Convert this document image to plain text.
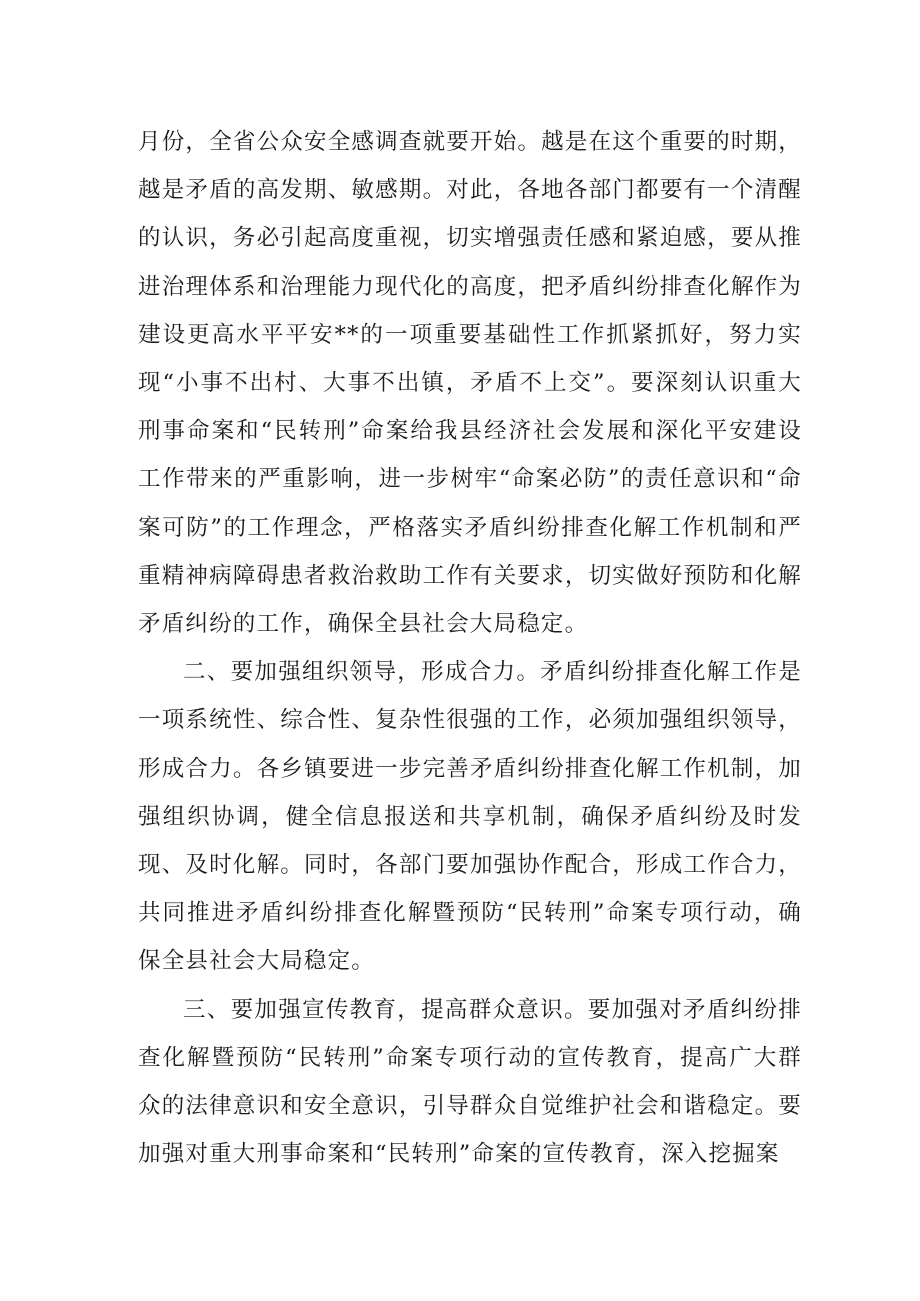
月份，全省公众安全感调查就要开始。越是在这个重要的时期，越是矛盾的高发期、敏感期。对此，各地各部门都要有一个清醒的认识，务必引起高度重视，切实增强责任感和紧迫感，要从推进治理体系和治理能力现代化的高度，把矛盾纠纷排查化解作为建设更高水平平安**的一项重要基础性工作抓紧抓好，努力实现“小事不出村、大事不出镇，矛盾不上交”。要深刻认识重大刑事命案和“民转刑”命案给我县经济社会发展和深化平安建设工作带来的严重影响，进一步树牢“命案必防”的责任意识和“命案可防”的工作理念，严格落实矛盾纠纷排查化解工作机制和严重精神病障碍患者救治救助工作有关要求，切实做好预防和化解矛盾纠纷的工作，确保全县社会大局稳定。

二、要加强组织领导，形成合力。矛盾纠纷排查化解工作是一项系统性、综合性、复杂性很强的工作，必须加强组织领导，形成合力。各乡镇要进一步完善矛盾纠纷排查化解工作机制，加强组织协调，健全信息报送和共享机制，确保矛盾纠纷及时发现、及时化解。同时，各部门要加强协作配合，形成工作合力，共同推进矛盾纠纷排查化解暨预防“民转刑”命案专项行动，确保全县社会大局稳定。

三、要加强宣传教育，提高群众意识。要加强对矛盾纠纷排查化解暨预防“民转刑”命案专项行动的宣传教育，提高广大群众的法律意识和安全意识，引导群众自觉维护社会和谐稳定。要加强对重大刑事命案和“民转刑”命案的宣传教育，深入挖掘案
